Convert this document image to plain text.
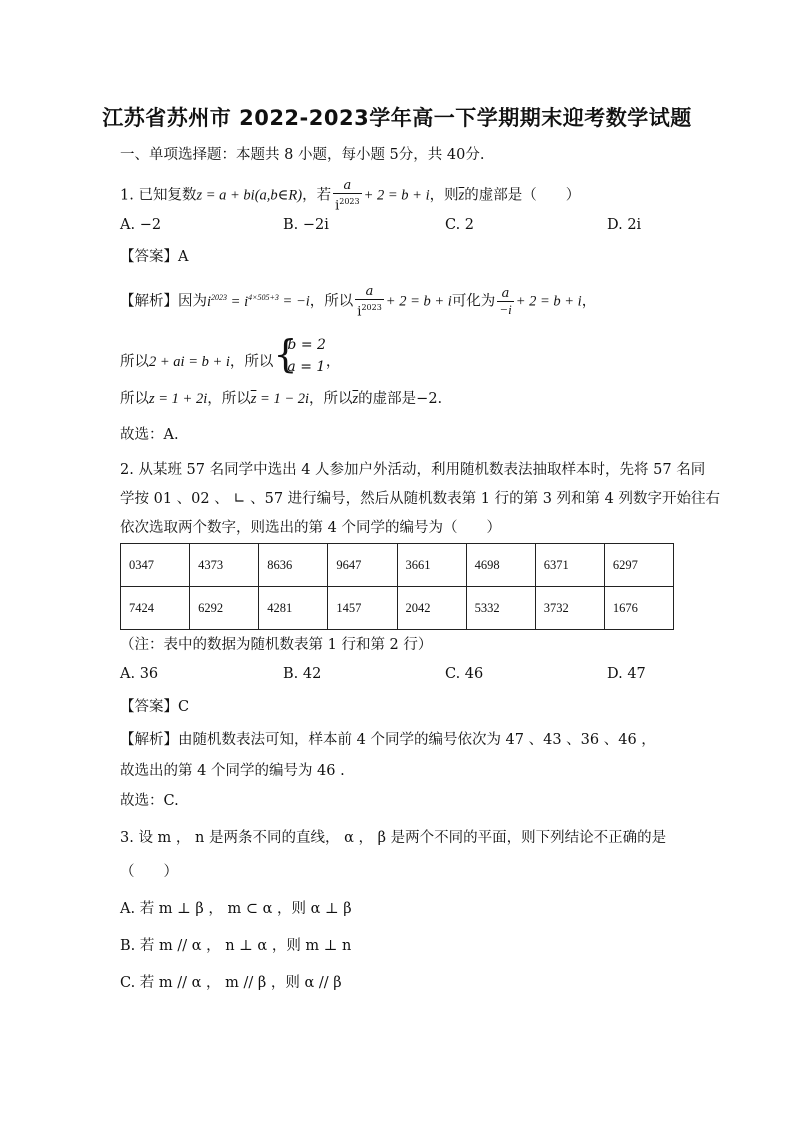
江苏省苏州市 2022-2023学年高一下学期期末迎考数学试题
一、单项选择题：本题共 8 小题，每小题 5分，共 40分.
1. 已知复数z = a + bi(a,b∈R)，若 $\frac{a}{i^{2023}} + 2 = b + i$，则$\overline{z}$的虚部是（　　）
A. −2	B. −2i	C. 2	D. 2i
【答案】A
【解析】因为$i^{2023} = i^{4\times 505+3} = -i$，所以 $\frac{a}{i^{2023}} + 2 = b + i$可化为 $\frac{a}{-i} + 2 = b + i$，
所以2 + ai = b + i，所以 {
b = 2
a = 1 ，
所以z = 1 + 2i，所以$\overline{z} = 1 - 2i$，所以$\overline{z}$的虚部是−2.
故选：A.
2. 从某班 57 名同学中选出 4 人参加户外活动，利用随机数表法抽取样本时，先将 57 名同
学按 01 、02 、 ∟ 、57 进行编号，然后从随机数表第 1 行的第 3 列和第 4 列数字开始往右
依次选取两个数字，则选出的第 4 个同学的编号为（　　）
0347	4373	8636	9647	3661	4698	6371	6297
7424	6292	4281	1457	2042	5332	3732	1676
（注：表中的数据为随机数表第 1 行和第 2 行）
A. 36	B. 42	C. 46	D. 47
【答案】C
【解析】由随机数表法可知，样本前 4 个同学的编号依次为 47 、43 、36 、46 ，
故选出的第 4 个同学的编号为 46 .
故选：C.
3. 设 m ， n 是两条不同的直线， α ， β 是两个不同的平面，则下列结论不正确的是
（　　）
A. 若 m ⊥ β ， m ⊂ α ，则 α ⊥ β
B. 若 m // α ， n ⊥ α ，则 m ⊥ n
C. 若 m // α ， m // β ，则 α // β
